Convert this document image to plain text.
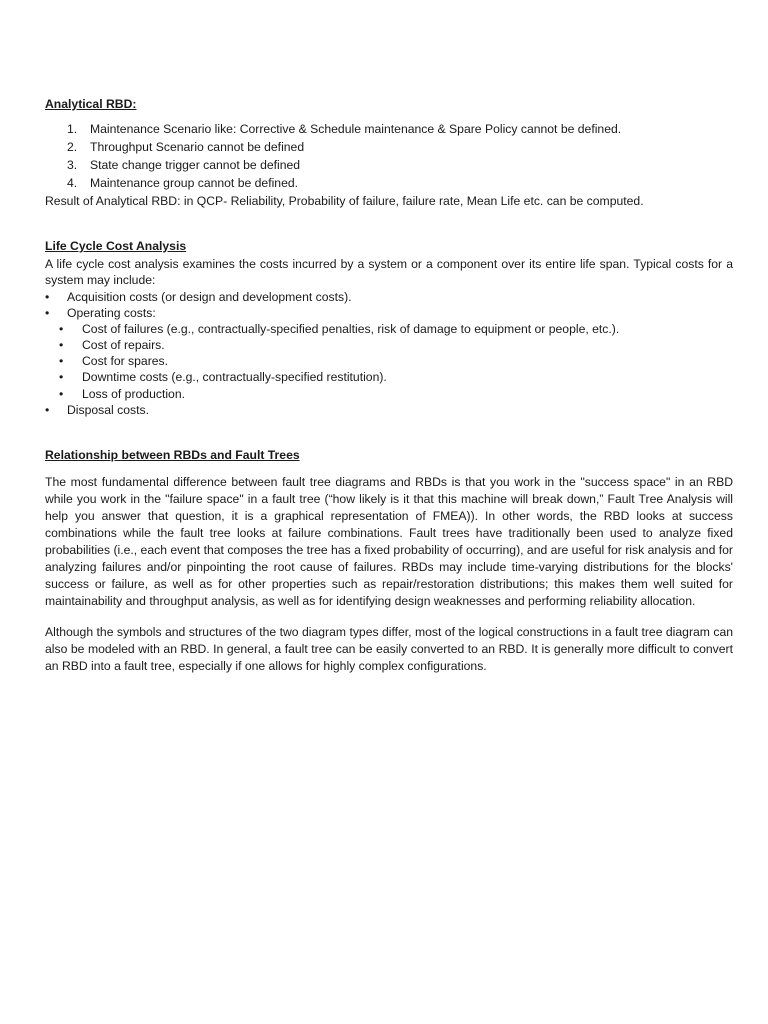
Analytical RBD:
1.	Maintenance Scenario like: Corrective & Schedule maintenance & Spare Policy cannot be defined.
2.	Throughput Scenario cannot be defined
3.	State change trigger cannot be defined
4.	Maintenance group cannot be defined.
Result of Analytical RBD: in QCP- Reliability, Probability of failure, failure rate, Mean Life etc. can be computed.
Life Cycle Cost Analysis
A life cycle cost analysis examines the costs incurred by a system or a component over its entire life span. Typical costs for a system may include:
• Acquisition costs (or design and development costs).
• Operating costs:
• Cost of failures (e.g., contractually-specified penalties, risk of damage to equipment or people, etc.).
• Cost of repairs.
• Cost for spares.
• Downtime costs (e.g., contractually-specified restitution).
• Loss of production.
• Disposal costs.
Relationship between RBDs and Fault Trees
The most fundamental difference between fault tree diagrams and RBDs is that you work in the "success space" in an RBD while you work in the "failure space" in a fault tree (“how likely is it that this machine will break down,” Fault Tree Analysis will help you answer that question, it is a graphical representation of FMEA)). In other words, the RBD looks at success combinations while the fault tree looks at failure combinations. Fault trees have traditionally been used to analyze fixed probabilities (i.e., each event that composes the tree has a fixed probability of occurring), and are useful for risk analysis and for analyzing failures and/or pinpointing the root cause of failures. RBDs may include time-varying distributions for the blocks' success or failure, as well as for other properties such as repair/restoration distributions; this makes them well suited for maintainability and throughput analysis, as well as for identifying design weaknesses and performing reliability allocation.
Although the symbols and structures of the two diagram types differ, most of the logical constructions in a fault tree diagram can also be modeled with an RBD. In general, a fault tree can be easily converted to an RBD. It is generally more difficult to convert an RBD into a fault tree, especially if one allows for highly complex configurations.
